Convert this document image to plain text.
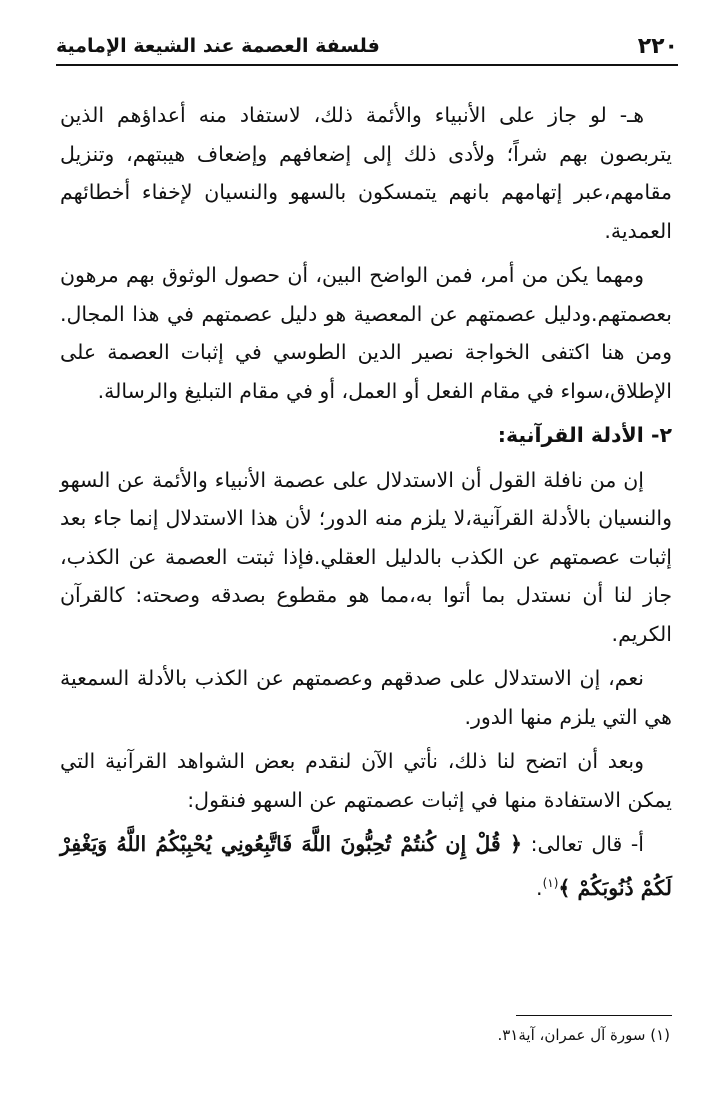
٢٢٠
فلسفة العصمة عند الشيعة الإمامية

هـ- لو جاز على الأنبياء والأئمة ذلك، لاستفاد منه أعداؤهم الذين يتربصون بهم شراً؛ ولأدى ذلك إلى إضعافهم وإضعاف هيبتهم، وتنزيل مقامهم،عبر إتهامهم بانهم يتمسكون بالسهو والنسيان لإخفاء أخطائهم العمدية.

ومهما يكن من أمر، فمن الواضح البين، أن حصول الوثوق بهم مرهون بعصمتهم.ودليل عصمتهم عن المعصية هو دليل عصمتهم في هذا المجال. ومن هنا اكتفى الخواجة نصير الدين الطوسي في إثبات العصمة على الإطلاق،سواء في مقام الفعل أو العمل، أو في مقام التبليغ والرسالة.

٢- الأدلة القرآنية:

إن من نافلة القول أن الاستدلال على عصمة الأنبياء والأئمة عن السهو والنسيان بالأدلة القرآنية،لا يلزم منه الدور؛ لأن هذا الاستدلال إنما جاء بعد إثبات عصمتهم عن الكذب بالدليل العقلي.فإذا ثبتت العصمة عن الكذب، جاز لنا أن نستدل بما أتوا به،مما هو مقطوع بصدقه وصحته: كالقرآن الكريم.

نعم، إن الاستدلال على صدقهم وعصمتهم عن الكذب بالأدلة السمعية هي التي يلزم منها الدور.

وبعد أن اتضح لنا ذلك، نأتي الآن لنقدم بعض الشواهد القرآنية التي يمكن الاستفادة منها في إثبات عصمتهم عن السهو فنقول:

أ- قال تعالى: ﴿ قُلْ إِن كُنتُمْ تُحِبُّونَ اللَّهَ فَاتَّبِعُونِي يُحْبِبْكُمُ اللَّهُ وَيَغْفِرْ لَكُمْ ذُنُوبَكُمْ ﴾$^{(١)}$.

(١) سورة آل عمران، آية٣١.
